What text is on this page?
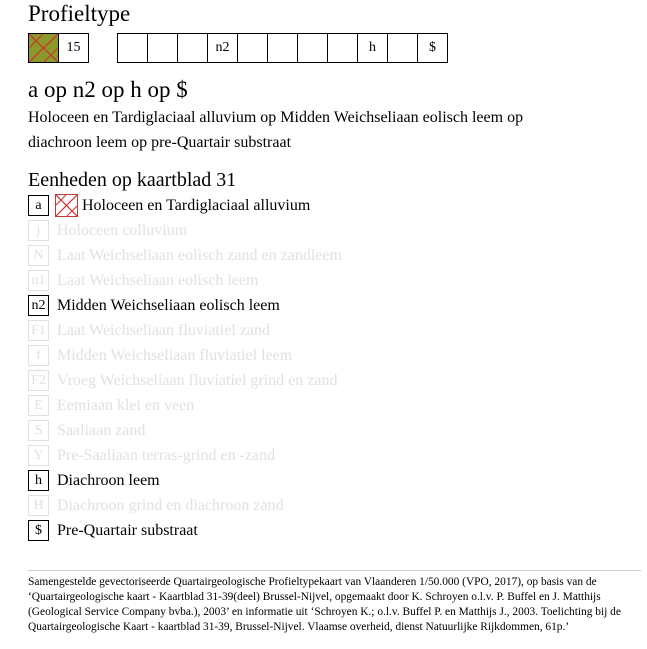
Profieltype
15	n2	h	$
a op n2 op h op $
Holoceen en Tardiglaciaal alluvium op Midden Weichseliaan eolisch leem op diachroon leem op pre-Quartair substraat
Eenheden op kaartblad 31
a	Holoceen en Tardiglaciaal alluvium
j	Holoceen colluvium
N Laat Weichseliaan eolisch zand en zandleem
n1 Laat Weichseliaan eolisch leem
n2 Midden Weichseliaan eolisch leem
F1 Laat Weichseliaan fluviatiel zand
f	Midden Weichseliaan fluviatiel leem
F2 Vroeg Weichseliaan fluviatiel grind en zand
E Eemiaan klei en veen
S Saaliaan zand
Y Pre-Saaliaan terras-grind en -zand
h Diachroon leem
H Diachroon grind en diachroon zand
$ Pre-Quartair substraat
Samengestelde gevectoriseerde Quartairgeologische Profieltypekaart van Vlaanderen 1/50.000 (VPO, 2017), op basis van de ‘Quartairgeologische kaart - Kaartblad 31-39(deel) Brussel-Nijvel, opgemaakt door K. Schroyen o.l.v. P. Buffel en J. Matthijs (Geological Service Company bvba.), 2003’ en informatie uit ‘Schroyen K.; o.l.v. Buffel P. en Matthijs J., 2003. Toelichting bij de Quartairgeologische Kaart - kaartblad 31-39, Brussel-Nijvel. Vlaamse overheid, dienst Natuurlijke Rijkdommen, 61p.’
